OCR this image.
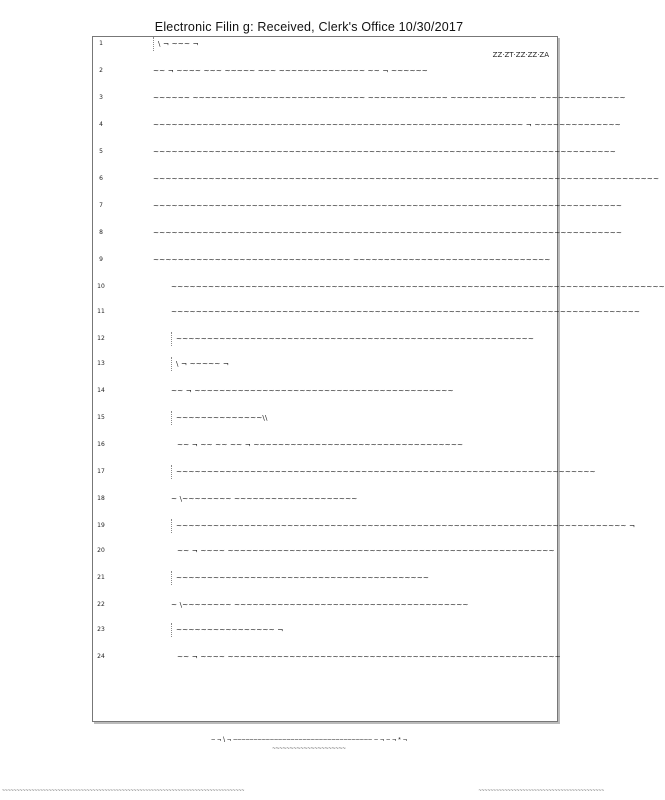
Electronic Filin g: Received, Clerk's Office 10/30/2017
ZZ·ZT·ZZ·ZZ·ZA
1	\ ¬ ~~~ ¬
2	~~ ¬ ~~~~ ~~~ ~~~~~ ~~~ ~~~~~~~~~~~~~~ ~~ ¬ ~~~~~~
3	~~~~~~ ~~~~~~~~~~~~~~~~~~~~~~~~~~~~ ~~~~~~~~~~~~~ ~~~~~~~~~~~~~~ ~~~~~~~~~~~~~~
4	~~~~~~~~~~~~~~~~~~~~~~~~~~~~~~~~~~~~~~~~~~~~~~~~~~~~~~~~~~~~ ¬ ~~~~~~~~~~~~~~
5	~~~~~~~~~~~~~~~~~~~~~~~~~~~~~~~~~~~~~~~~~~~~~~~~~~~~~~~~~~~~~~~~~~~~~~~~~~~
6	~~~~~~~~~~~~~~~~~~~~~~~~~~~~~~~~~~~~~~~~~~~~~~~~~~~~~~~~~~~~~~~~~~~~~~~~~~~~~~~~~~
7	~~~~~~~~~~~~~~~~~~~~~~~~~~~~~~~~~~~~~~~~~~~~~~~~~~~~~~~~~~~~~~~~~~~~~~~~~~~~
8	~~~~~~~~~~~~~~~~~~~~~~~~~~~~~~~~~~~~~~~~~~~~~~~~~~~~~~~~~~~~~~~~~~~~~~~~~~~~
9	~~~~~~~~~~~~~~~~~~~~~~~~~~~~~~~~ ~~~~~~~~~~~~~~~~~~~~~~~~~~~~~~~~
10	~~~~~~~~~~~~~~~~~~~~~~~~~~~~~~~~~~~~~~~~~~~~~~~~~~~~~~~~~~~~~~~~~~~~~~~~~~~~~~~~
11	~~~~~~~~~~~~~~~~~~~~~~~~~~~~~~~~~~~~~~~~~~~~~~~~~~~~~~~~~~~~~~~~~~~~~~~~~~~~
12	~~~~~~~~~~~~~~~~~~~~~~~~~~~~~~~~~~~~~~~~~~~~~~~~~~~~~~~~~~
13	\ ¬ ~~~~~ ¬
14	~~ ¬ ~~~~~~~~~~~~~~~~~~~~~~~~~~~~~~~~~~~~~~~~~~
15	~~~~~~~~~~~~~~\\
16	~~ ¬ ~~ ~~ ~~ ¬ ~~~~~~~~~~~~~~~~~~~~~~~~~~~~~~~~~~
17	~~~~~~~~~~~~~~~~~~~~~~~~~~~~~~~~~~~~~~~~~~~~~~~~~~~~~~~~~~~~~~~~~~~~
18	~ \~~~~~~~~ ~~~~~~~~~~~~~~~~~~~~
19	~~~~~~~~~~~~~~~~~~~~~~~~~~~~~~~~~~~~~~~~~~~~~~~~~~~~~~~~~~~~~~~~~~~~~~~~~ ¬
20	~~ ¬ ~~~~ ~~~~~~~~~~~~~~~~~~~~~~~~~~~~~~~~~~~~~~~~~~~~~~~~~~~~~
21	~~~~~~~~~~~~~~~~~~~~~~~~~~~~~~~~~~~~~~~~~
22	~ \~~~~~~~~ ~~~~~~~~~~~~~~~~~~~~~~~~~~~~~~~~~~~~~~
23	~~~~~~~~~~~~~~~~ ¬
24	~~ ¬ ~~~~ ~~~~~~~~~~~~~~~~~~~~~~~~~~~~~~~~~~~~~~~~~~~~~~~~~~~~~~
~ ¬ \ ¬ ~~~~~~~~~~~~~~~~~~~~~~~~~~~~~~~~~~ ~ ¬ ~ ¬ * ¬
~~~~~~~~~~~~~~~~~~~~~
~~~~~~~~~~~~~~~~~~~~~~~~~~~~~~~~~~~~~~~~~~~~~~~~~~~~~~~~~~~~~~~~~~~~~~~~~~~~~~~~~~~	~~~~~~~~~~~~~~~~~~~~~~~~~~~~~~~~~~~~~~~~~~~
